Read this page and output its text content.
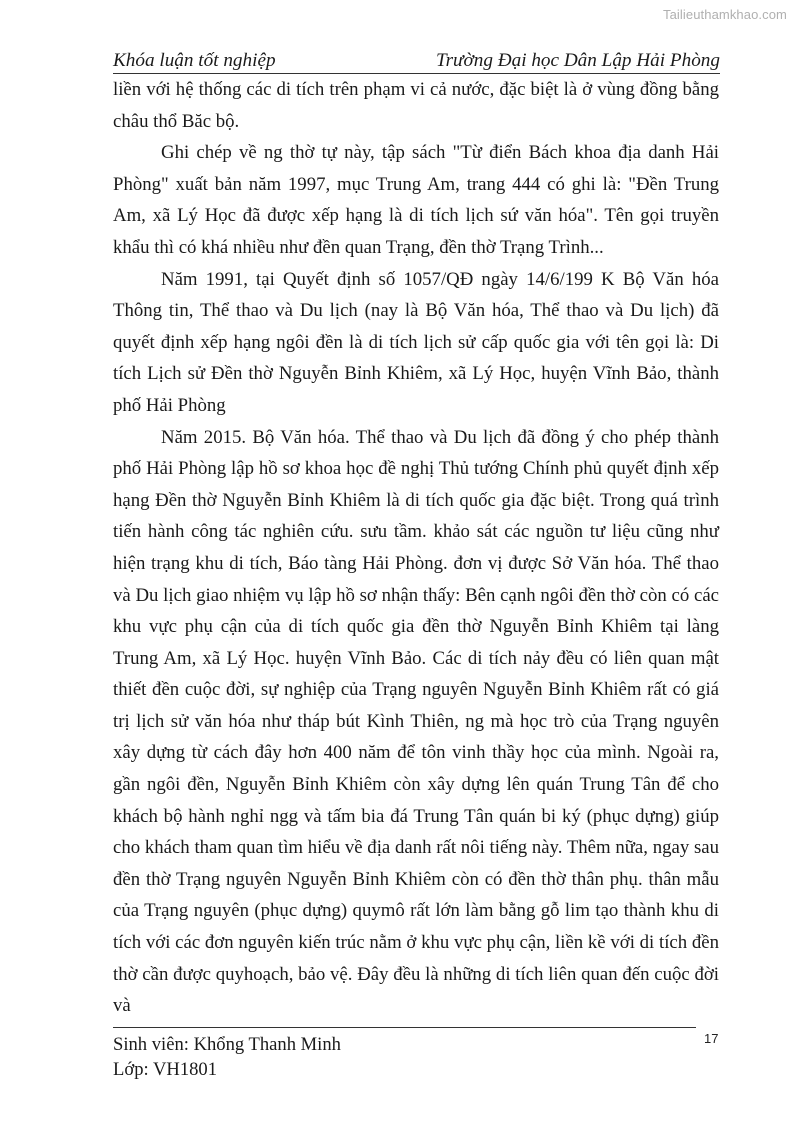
Tailieuthamkhao.com
Khóa luận tốt nghiệp	Trường Đại học Dân Lập Hải Phòng

liền với hệ thống các di tích trên phạm vi cả nước, đặc biệt là ở vùng đồng bằng châu thổ Băc bộ.

Ghi chép về ng thờ tự này, tập sách "Từ điển Bách khoa địa danh Hải Phòng" xuất bản năm 1997, mục Trung Am, trang 444 có ghi là: "Đền Trung Am, xã Lý Học đã được xếp hạng là di tích lịch sứ văn hóa". Tên gọi truyền khẩu thì có khá nhiều như đền quan Trạng, đền thờ Trạng Trình...

Năm 1991, tại Quyết định số 1057/QĐ ngày 14/6/199 K Bộ Văn hóa Thông tin, Thể thao và Du lịch (nay là Bộ Văn hóa, Thể thao và Du lịch) đã quyết định xếp hạng ngôi đền là di tích lịch sử cấp quốc gia với tên gọi là: Di tích Lịch sử Đền thờ Nguyễn Bỉnh Khiêm, xã Lý Học, huyện Vĩnh Bảo, thành phố Hải Phòng

Năm 2015. Bộ Văn hóa. Thể thao và Du lịch đã đồng ý cho phép thành phố Hải Phòng lập hồ sơ khoa học đề nghị Thủ tướng Chính phủ quyết định xếp hạng Đền thờ Nguyễn Bỉnh Khiêm là di tích quốc gia đặc biệt. Trong quá trình tiến hành công tác nghiên cứu. sưu tầm. khảo sát các nguồn tư liệu cũng như hiện trạng khu di tích, Báo tàng Hải Phòng. đơn vị được Sở Văn hóa. Thể thao và Du lịch giao nhiệm vụ lập hồ sơ nhận thấy: Bên cạnh ngôi đền thờ còn có các khu vực phụ cận của di tích quốc gia đền thờ Nguyễn Bỉnh Khiêm tại làng Trung Am, xã Lý Học. huyện Vĩnh Bảo. Các di tích nảy đều có liên quan mật thiết đền cuộc đời, sự nghiệp của Trạng nguyên Nguyễn Bỉnh Khiêm rất có giá trị lịch sử văn hóa như tháp bút Kình Thiên, ng mà học trò của Trạng nguyên xây dựng từ cách đây hơn 400 năm để tôn vinh thầy học của mình. Ngoài ra, gần ngôi đền, Nguyễn Bỉnh Khiêm còn xây dựng lên quán Trung Tân để cho khách bộ hành nghỉ ngg và tấm bia đá Trung Tân quán bi ký (phục dựng) giúp cho khách tham quan tìm hiểu về địa danh rất nôi tiếng này. Thêm nữa, ngay sau đền thờ Trạng nguyên Nguyễn Bỉnh Khiêm còn có đền thờ thân phụ. thân mẫu của Trạng nguyên (phục dựng) quymô rất lớn làm bằng gỗ lim tạo thành khu di tích với các đơn nguyên kiến trúc nằm ở khu vực phụ cận, liền kề với di tích đền thờ cần được quyhoạch, bảo vệ. Đây đều là những di tích liên quan đến cuộc đời và

17
Sinh viên: Khổng Thanh Minh
Lớp: VH1801
